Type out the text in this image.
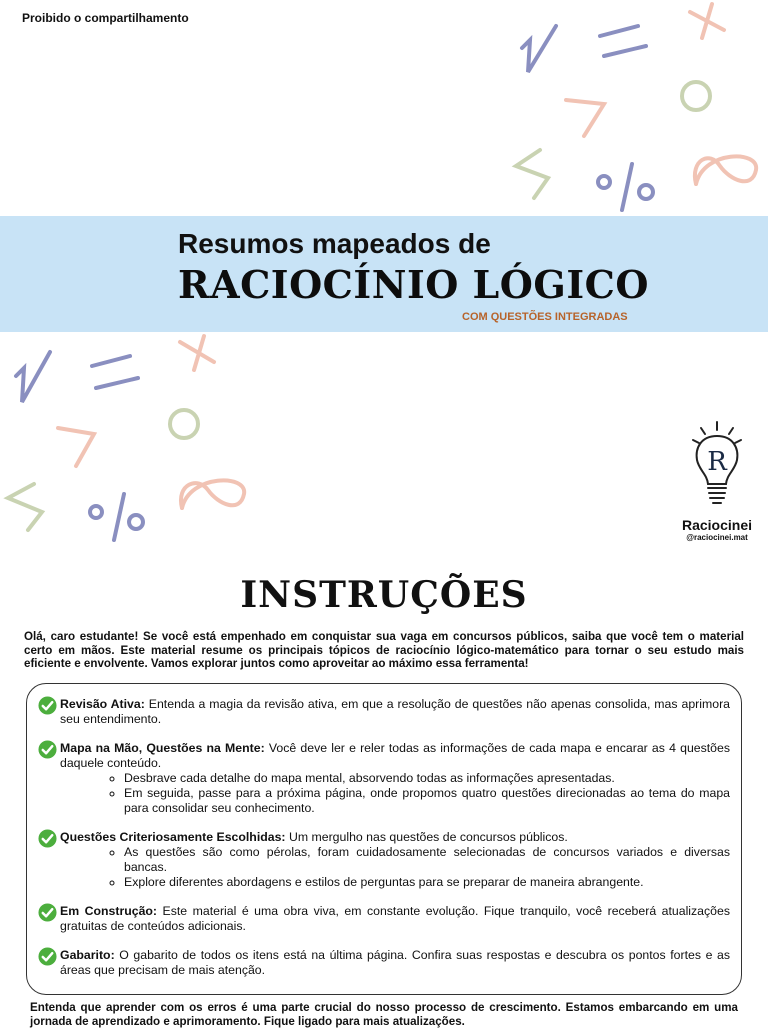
Proibido o compartilhamento
Resumos mapeados de
RACIOCÍNIO LÓGICO
COM QUESTÕES INTEGRADAS
R
Raciocinei
@raciocinei.mat
INSTRUÇÕES
Olá, caro estudante! Se você está empenhado em conquistar sua vaga em concursos públicos, saiba que você tem o material certo em mãos. Este material resume os principais tópicos de raciocínio lógico-matemático para tornar o seu estudo mais eficiente e envolvente. Vamos explorar juntos como aproveitar ao máximo essa ferramenta!
Revisão Ativa: Entenda a magia da revisão ativa, em que a resolução de questões não apenas consolida, mas aprimora seu entendimento.
Mapa na Mão, Questões na Mente: Você deve ler e reler todas as informações de cada mapa e encarar as 4 questões daquele conteúdo.
◦ Desbrave cada detalhe do mapa mental, absorvendo todas as informações apresentadas.
◦ Em seguida, passe para a próxima página, onde propomos quatro questões direcionadas ao tema do mapa para consolidar seu conhecimento.
Questões Criteriosamente Escolhidas: Um mergulho nas questões de concursos públicos.
◦ As questões são como pérolas, foram cuidadosamente selecionadas de concursos variados e diversas bancas.
◦ Explore diferentes abordagens e estilos de perguntas para se preparar de maneira abrangente.
Em Construção: Este material é uma obra viva, em constante evolução. Fique tranquilo, você receberá atualizações gratuitas de conteúdos adicionais.
Gabarito: O gabarito de todos os itens está na última página. Confira suas respostas e descubra os pontos fortes e as áreas que precisam de mais atenção.
Entenda que aprender com os erros é uma parte crucial do nosso processo de crescimento. Estamos embarcando em uma jornada de aprendizado e aprimoramento. Fique ligado para mais atualizações.
